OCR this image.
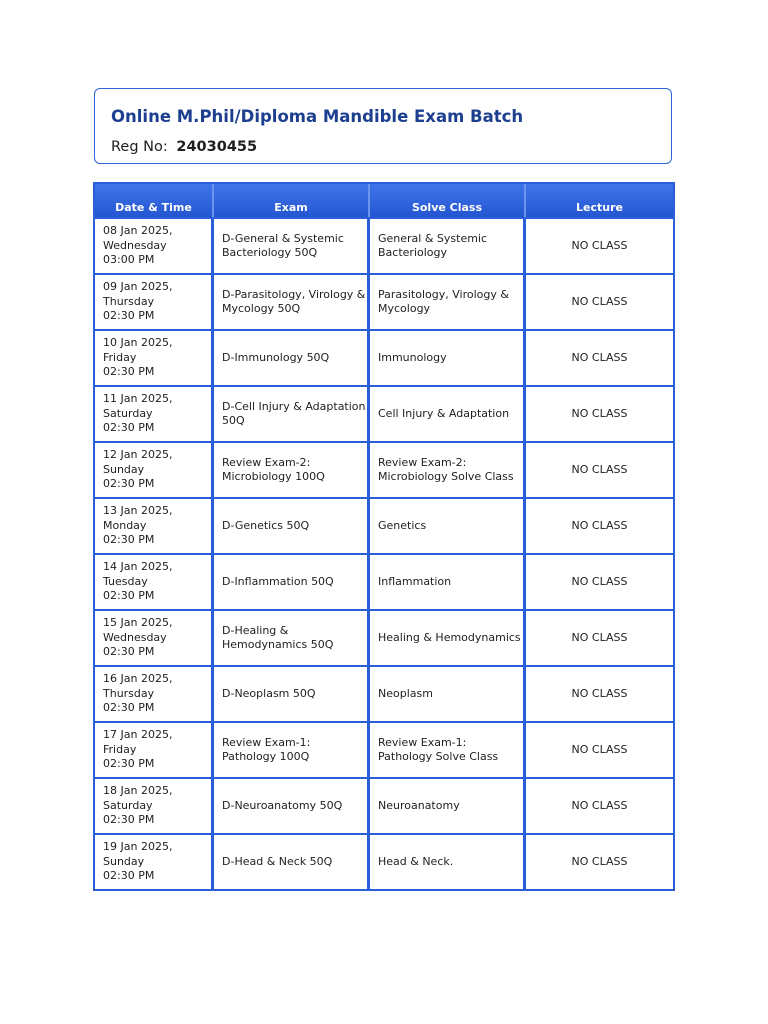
Online M.Phil/Diploma Mandible Exam Batch
Reg No: 24030455
Date & Time	Exam	Solve Class	Lecture

08 Jan 2025,
Wednesday
03:00 PM	D-General & Systemic Bacteriology 50Q	General & Systemic Bacteriology	NO CLASS

09 Jan 2025,
Thursday
02:30 PM	D-Parasitology, Virology & Mycology 50Q	Parasitology, Virology & Mycology	NO CLASS

10 Jan 2025,
Friday
02:30 PM	D-Immunology 50Q	Immunology	NO CLASS

11 Jan 2025,
Saturday
02:30 PM	D-Cell Injury & Adaptation 50Q	Cell Injury & Adaptation	NO CLASS

12 Jan 2025,
Sunday
02:30 PM	Review Exam-2: Microbiology 100Q	Review Exam-2: Microbiology Solve Class	NO CLASS

13 Jan 2025,
Monday
02:30 PM	D-Genetics 50Q	Genetics	NO CLASS

14 Jan 2025,
Tuesday
02:30 PM	D-Inflammation 50Q	Inflammation	NO CLASS

15 Jan 2025,
Wednesday
02:30 PM	D-Healing & Hemodynamics 50Q	Healing & Hemodynamics	NO CLASS

16 Jan 2025,
Thursday
02:30 PM	D-Neoplasm 50Q	Neoplasm	NO CLASS

17 Jan 2025,
Friday
02:30 PM	Review Exam-1: Pathology 100Q	Review Exam-1: Pathology Solve Class	NO CLASS

18 Jan 2025,
Saturday
02:30 PM	D-Neuroanatomy 50Q	Neuroanatomy	NO CLASS

19 Jan 2025,
Sunday
02:30 PM	D-Head & Neck 50Q	Head & Neck.	NO CLASS
